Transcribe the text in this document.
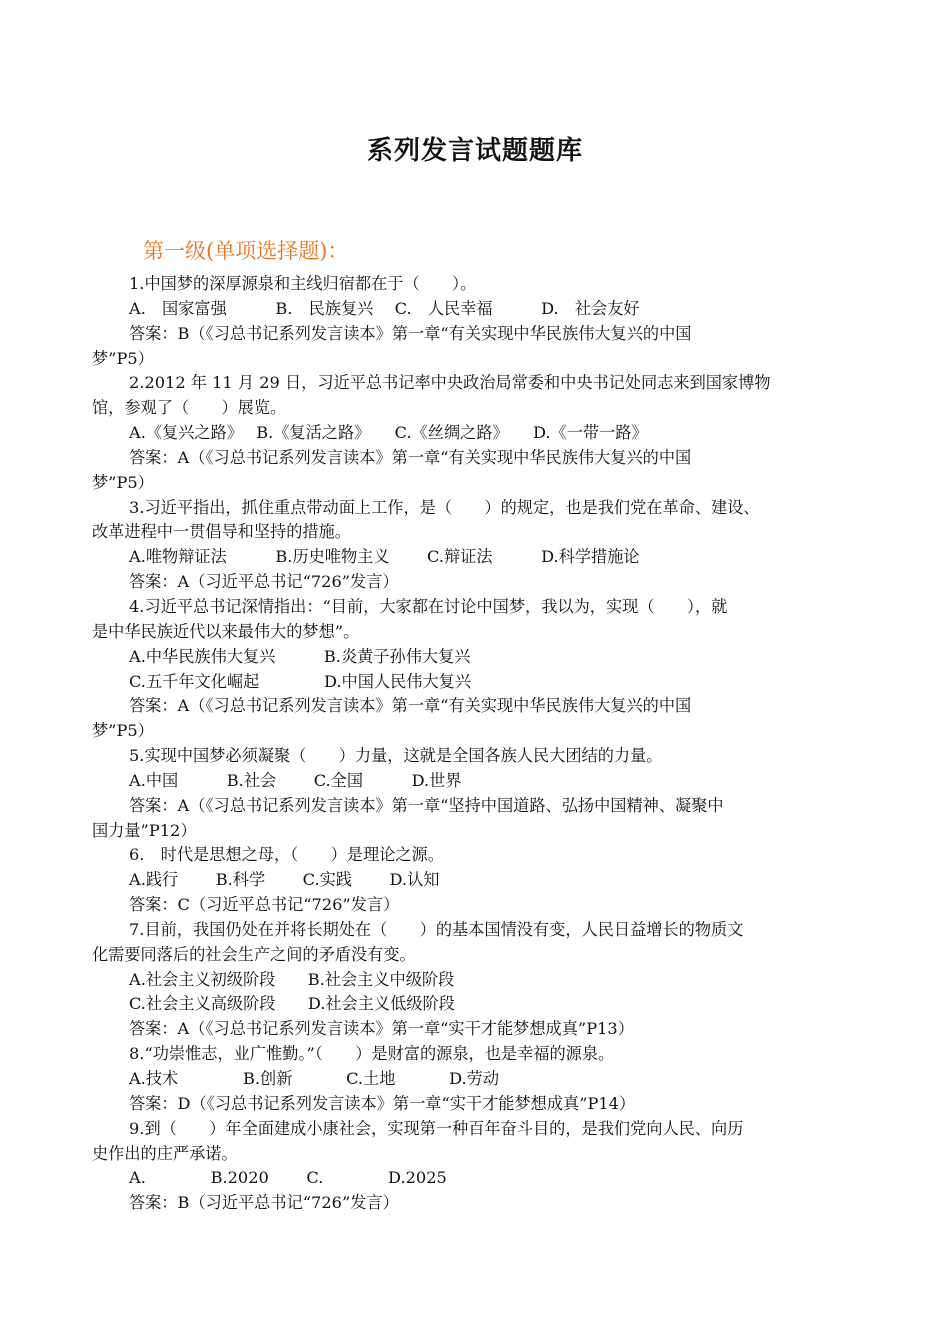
系列发言试题题库
第一级(单项选择题)：
1.中国梦的深厚源泉和主线归宿都在于（　　）。
A.　国家富强　　　B.　民族复兴　 C.　人民幸福　　　D.　社会友好
答案：B（《习总书记系列发言读本》第一章“有关实现中华民族伟大复兴的中国
梦”P5）
2.2012 年 11 月 29 日，习近平总书记率中央政治局常委和中央书记处同志来到国家博物
馆，参观了（　　）展览。
A.《复兴之路》　 B.《复活之路》　　C.《丝绸之路》　　D.《一带一路》
答案：A（《习总书记系列发言读本》第一章“有关实现中华民族伟大复兴的中国
梦”P5）
3.习近平指出，抓住重点带动面上工作，是（　　）的规定，也是我们党在革命、建设、
改革进程中一贯倡导和坚持的措施。
A.唯物辩证法　　　B.历史唯物主义　　 C.辩证法　　　D.科学措施论
答案：A（习近平总书记“726”发言）
4.习近平总书记深情指出：“目前，大家都在讨论中国梦，我以为，实现（　　），就
是中华民族近代以来最伟大的梦想”。
A.中华民族伟大复兴　　　B.炎黄子孙伟大复兴
C.五千年文化崛起　　　　D.中国人民伟大复兴
答案：A（《习总书记系列发言读本》第一章“有关实现中华民族伟大复兴的中国
梦”P5）
5.实现中国梦必须凝聚（　　）力量，这就是全国各族人民大团结的力量。
A.中国　　　B.社会　　 C.全国　　　D.世界
答案：A（《习总书记系列发言读本》第一章“坚持中国道路、弘扬中国精神、凝聚中
国力量”P12）
6.　时代是思想之母，（　　）是理论之源。
A.践行　　 B.科学　　 C.实践　　 D.认知
答案：C（习近平总书记“726”发言）
7.目前，我国仍处在并将长期处在（　　）的基本国情没有变，人民日益增长的物质文
化需要同落后的社会生产之间的矛盾没有变。
A.社会主义初级阶段　　B.社会主义中级阶段
C.社会主义高级阶段　　D.社会主义低级阶段
答案：A（《习总书记系列发言读本》第一章“实干才能梦想成真”P13）
8.“功崇惟志，业广惟勤。”（　　）是财富的源泉，也是幸福的源泉。
A.技术　　　　B.创新　　　 C.土地　　　 D.劳动
答案：D（《习总书记系列发言读本》第一章“实干才能梦想成真”P14）
9.到（　　）年全面建成小康社会，实现第一种百年奋斗目的，是我们党向人民、向历
史作出的庄严承诺。
A.　　　　B.2020　　 C.　　　　D.2025
答案：B（习近平总书记“726”发言）
